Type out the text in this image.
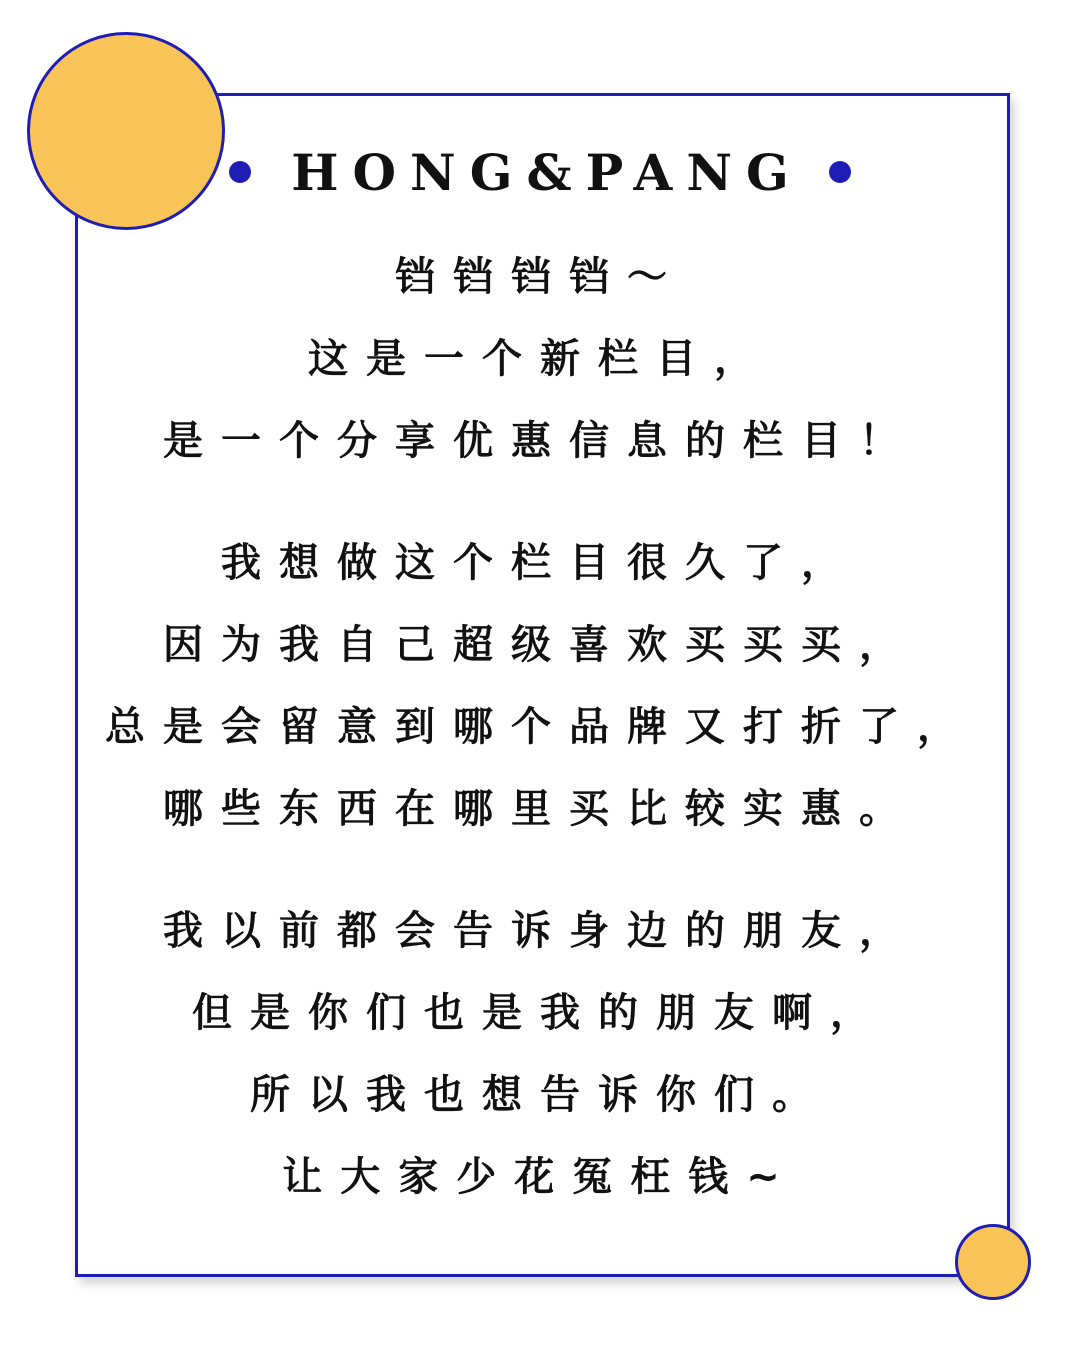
HONG&PANG
铛铛铛铛～
这是一个新栏目，
是一个分享优惠信息的栏目！
我想做这个栏目很久了，
因为我自己超级喜欢买买买，
总是会留意到哪个品牌又打折了，
哪些东西在哪里买比较实惠。
我以前都会告诉身边的朋友，
但是你们也是我的朋友啊，
所以我也想告诉你们。
让大家少花冤枉钱~
